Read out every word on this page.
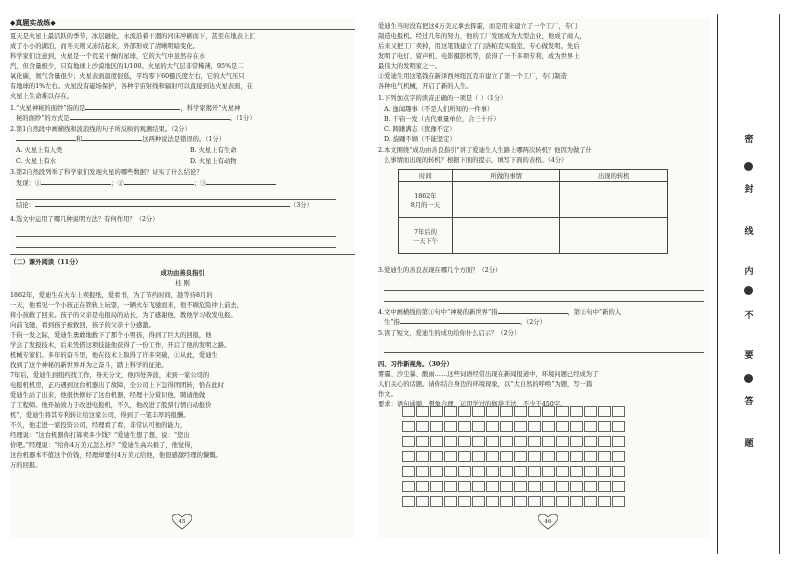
◆真题实战练◆
夏天是火星上最活跃的季节，冰层融化，水流沿着干涸的河床冲刷而下，甚至在地表上汇
成了小小的湖泊，而冬天则又冻结起来，外部形成了清晰明暗变化。
科学家们注意到，火星是一个荒芜干燥的星球，它的大气中虽然存在水
汽，但含量极少，只有地球上沙漠地区的1/100。火星的大气层非常稀薄，95%是二
氧化碳，氮气含量很少；火星表面温度很低，平均零下60摄氏度左右，它的大气压只
有地球的1%左右。火星没有磁场保护，各种宇宙射线和辐射可以直接到达火星表面，在
火星上生命难以存在。
1.“火星神秘的面纱”指的是	，科学家揭开“火星神
秘的面纱”的方式是	。（1分）
2.第1自然段中画横线和波浪线的句子所反映的观测结果。（2分）
和	这两种说法是错误的。（1分）
A. 火星上有人类	B. 火星上有生命
C. 火星上有水	D. 火星上有动物
3.第2自然段列举了科学家们发现火星的哪些数据？证实了什么结论？
发现：①	；②	；③
结论：	（3分）
4.选文中运用了哪几种说明方法？有何作用？（2分）
（二）课外阅读（11分）
成功由善良指引
桂 刚
1862年，爱迪生在火车上卖报纸，爱看书，为了节约时间，趁等待8月的
一天，他看见一个小孩正在铁轨上玩耍，一辆火车飞驰而来，他不顾危险冲上前去，
将小孩救了回来。孩子的父亲是电报局的站长，为了感谢他，教他学习收发电报。
向前飞驰，看到孩子被救回，孩子的父亲十分感激。
千钧一发之际，爱迪生勇敢地救下了那个小男孩，得到了巨大的回报，他
学会了发报技术，后来凭借这项技能他获得了一份工作，开启了他的发明之路。
机械专家们。多年的奋斗里，他在技术上取得了许多突破，①从此，爱迪生
找到了这个神秘的新世界并为之奋斗，踏上科学的征途。
7年后，爱迪生到纽约找工作，身无分文，他四处奔波，来到一家公司的
电报机机房，正巧遇到这台机器出了故障，全公司上下急得团团转，恰在此时
爱迪生站了出来，他很快修好了这台机器，经理十分赏识他，聘请他做
了工程师。他开始致力于改进电报机，不久，他改进了股票行情自动报价
机”，爱迪生将其专利转让给这家公司，得到了一笔丰厚的报酬。
不久，他走进一家投资公司，经理看了看，非常认可他的能力，
经理说：“这台机器你打算卖多少钱？”爱迪生想了想，说：“您出
价吧。”经理说：“给你4万美元怎么样？”爱迪生高兴极了，他觉得，
这台机器本不值这个价钱，经理却要付4万美元给他，他很感激经理的慷慨。
万的回报。
45
爱迪生当时没有把这4万美元拿去挥霍，而是用来建立了一个工厂，专门
制造电报机。经过几年的努力，他的工厂发展成为大型企业，他成了商人，
后来又把工厂卖掉，用这笔钱建立了门洛帕克实验室，专心做发明。先后
发明了电灯、留声机、电影摄影机等，获得了一千多项专利，成为世界上
最伟大的发明家之一。
②爱迪生用这笔钱在新泽西州纽瓦克市建立了第一个工厂，专门制造
各种电气机械，开启了新的人生。
1.下列加点字的读音正确的一项是（ ）（1分）
A. 逸闻趣事（不是人们所知的一件事）
B. 千钧一发（古代重量单位，合三十斤）
C. 踌躇满志（犹豫不定）
D. 旋踵不顾（不能坚定）
2.本文围绕“成功由善良指引”讲了爱迪生人生路上哪两次转机？他因为做了什
么事情而出现的转机？根据下面的提示，填写下面的表格。（4分）
时间	所做的事情	出现的转机
1862年
8月的一天		
7年后的
一天下午		
3.爱迪生的善良表现在哪几个方面？（2分）
4.文中画横线的第①句中“神秘的新世界”指	，第②句中“新的人
生”指	。（2分）
5.读了短文，爱迪生的成功给你什么启示？（2分）
四、习作新视角。（30分）
雾霾、沙尘暴、酸雨……这些词语经常出现在新闻报道中，环境问题已经成为了
人们关心的话题。请你结合身边的环境现象，以“大自然的呼唤”为题，写一篇
作文。
要求：语句通顺，想象合理，运用学过的修辞手法，不少于450字。
46
密
封
线
内
不
要
答
题
